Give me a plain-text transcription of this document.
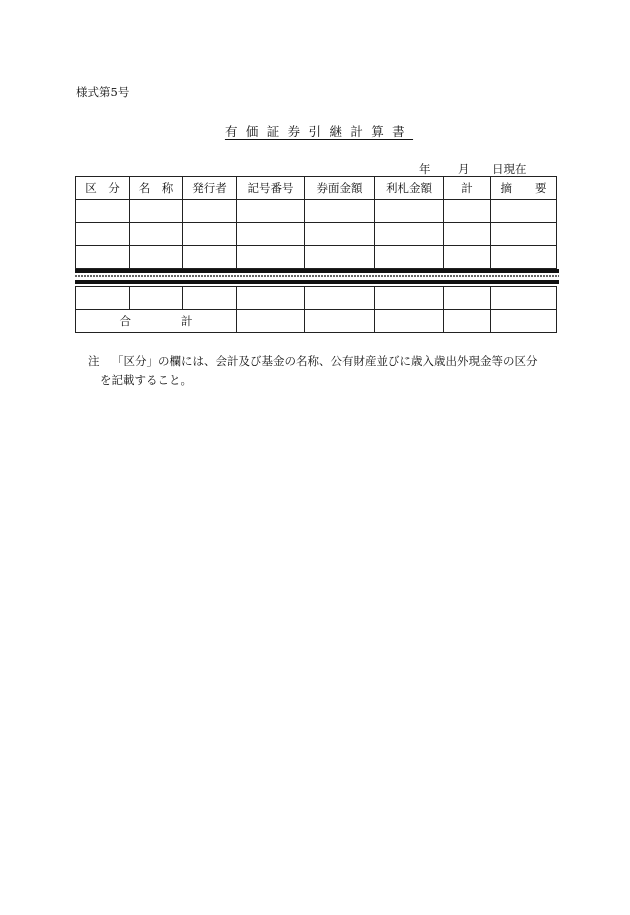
様式第5号
有価証券引継計算書
年 月 日現在
区　分	名　称	発行者	記号番号	券面金額	利札金額	計	摘　　要

合 計							
注 「区分」の欄には、会計及び基金の名称、公有財産並びに歳入歳出外現金等の区分
を記載すること。
